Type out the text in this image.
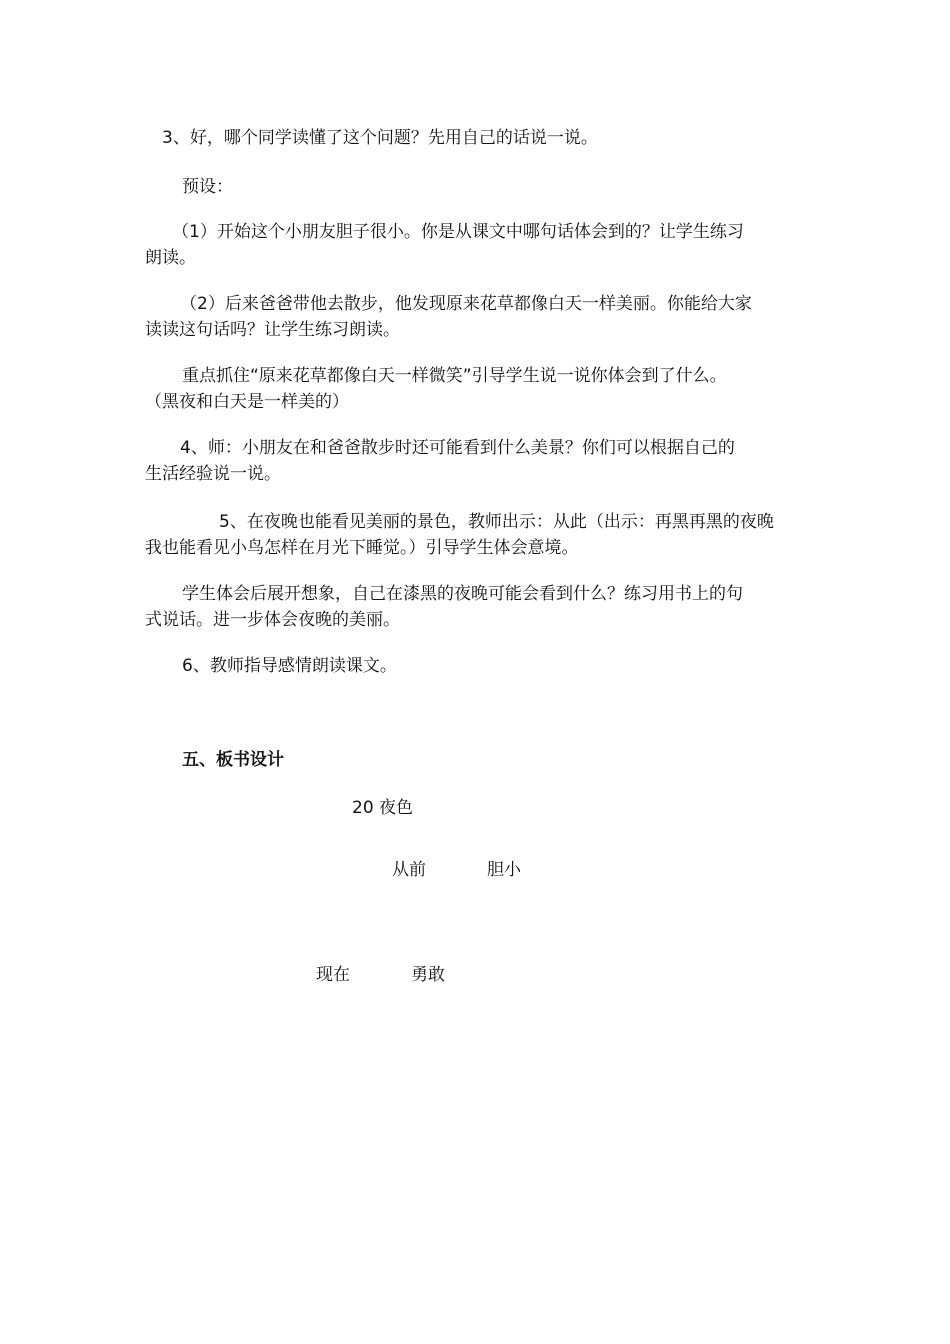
3、好，哪个同学读懂了这个问题？先用自己的话说一说。
预设：
（1）开始这个小朋友胆子很小。你是从课文中哪句话体会到的？让学生练习
朗读。
（2）后来爸爸带他去散步，他发现原来花草都像白天一样美丽。你能给大家
读读这句话吗？让学生练习朗读。
重点抓住“原来花草都像白天一样微笑”引导学生说一说你体会到了什么。
（黑夜和白天是一样美的）
4、师：小朋友在和爸爸散步时还可能看到什么美景？你们可以根据自己的
生活经验说一说。
5、在夜晚也能看见美丽的景色，教师出示：从此（出示：再黑再黑的夜晚
我也能看见小鸟怎样在月光下睡觉。）引导学生体会意境。
学生体会后展开想象，自己在漆黑的夜晚可能会看到什么？练习用书上的句
式说话。进一步体会夜晚的美丽。
6、教师指导感情朗读课文。
五、板书设计
20 夜色
从前	胆小
现在	勇敢
